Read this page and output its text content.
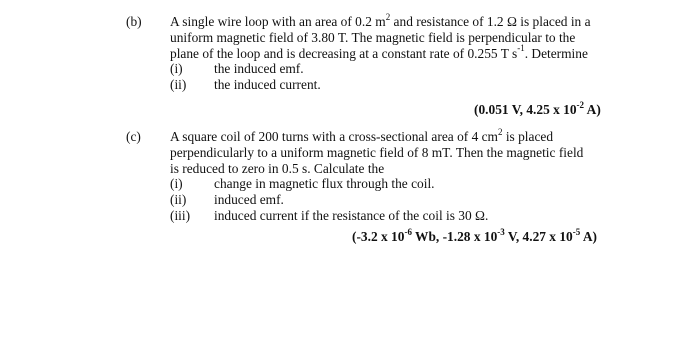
(b) A single wire loop with an area of 0.2 $m^2$ and resistance of 1.2 Ω is placed in a
uniform magnetic field of 3.80 T. The magnetic field is perpendicular to the
plane of the loop and is decreasing at a constant rate of 0.255 T $s^{-1}$. Determine
(i)	the induced emf.
(ii)	the induced current.
(0.051 V, 4.25 x $10^{-2}$ A)
(c) A square coil of 200 turns with a cross-sectional area of 4 $cm^2$ is placed
perpendicularly to a uniform magnetic field of 8 mT. Then the magnetic field
is reduced to zero in 0.5 s. Calculate the
(i)	change in magnetic flux through the coil.
(ii)	induced emf.
(iii)	induced current if the resistance of the coil is 30 Ω.
(-3.2 x $10^{-6}$ Wb, -1.28 x $10^{-3}$ V, 4.27 x $10^{-5}$ A)
